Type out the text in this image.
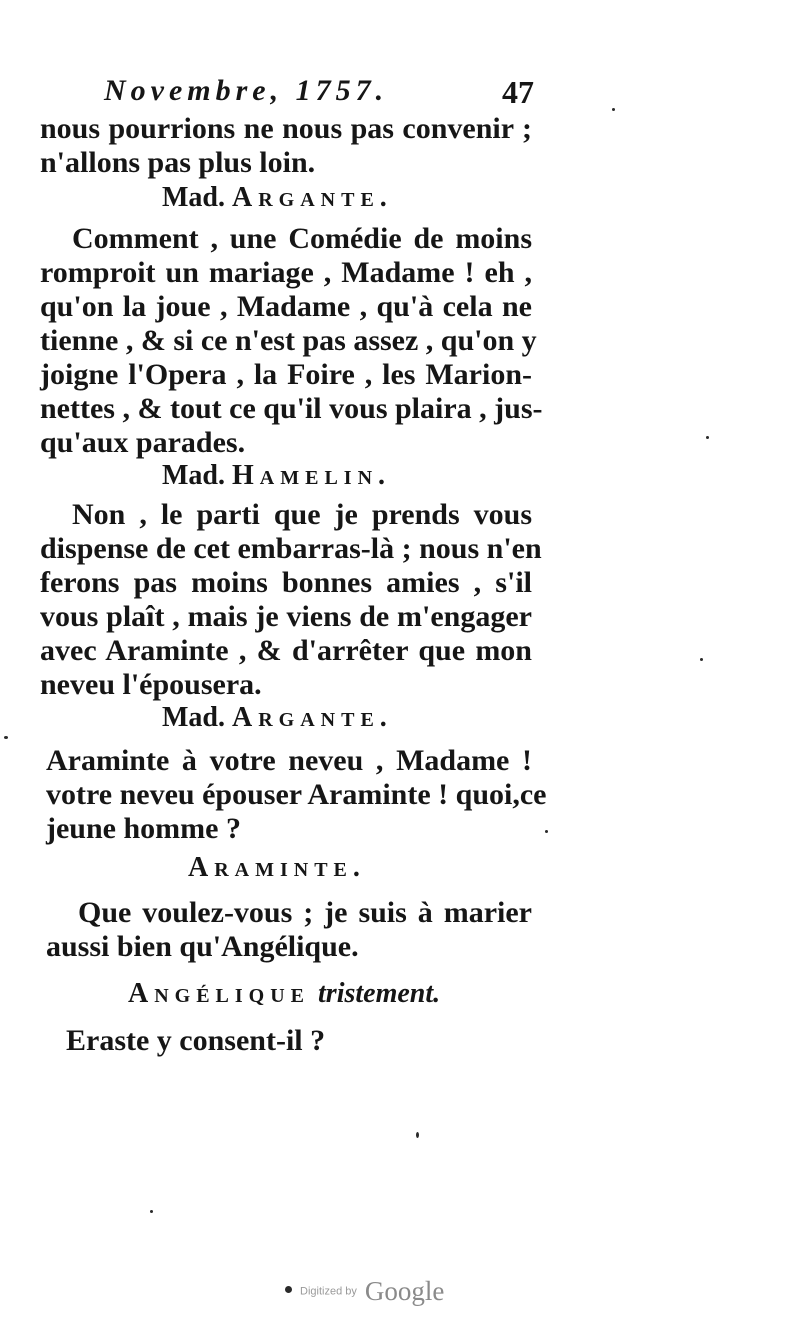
Novembre, 1757.	47
nous pourrions ne nous pas convenir ;
n'allons pas plus loin.
Mad. Argante.
Comment , une Comédie de moins
romproit un mariage , Madame ! eh ,
qu'on la joue , Madame , qu'à cela ne
tienne , & si ce n'est pas assez , qu'on y
joigne l'Opera , la Foire , les Marion-
nettes , & tout ce qu'il vous plaira , jus-
qu'aux parades.
Mad. Hamelin.
Non , le parti que je prends vous
dispense de cet embarras-là ; nous n'en
ferons pas moins bonnes amies , s'il
vous plaît , mais je viens de m'engager
avec Araminte , & d'arrêter que mon
neveu l'épousera.
Mad. Argante.
Araminte à votre neveu , Madame !
votre neveu épouser Araminte ! quoi,ce
jeune homme ?
Araminte.
Que voulez-vous ; je suis à marier
aussi bien qu'Angélique.
Angélique tristement.
Eraste y consent-il ?
Digitized by Google
